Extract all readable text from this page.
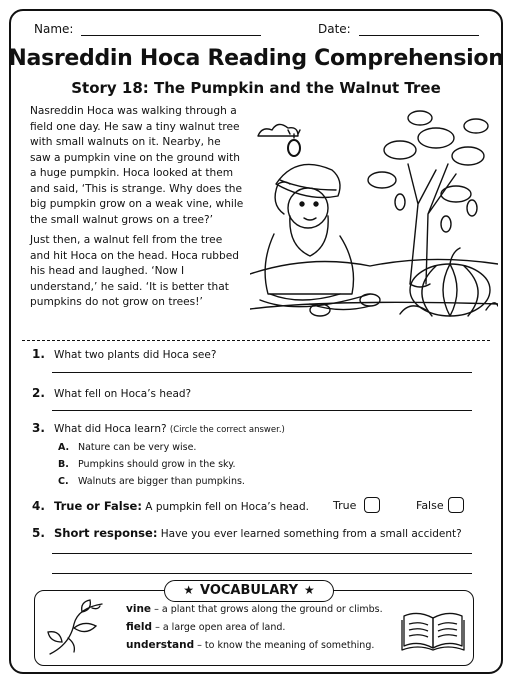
Name:	Date:
Nasreddin Hoca Reading Comprehension
Story 18: The Pumpkin and the Walnut Tree

Nasreddin Hoca was walking through a field one day. He saw a tiny walnut tree with small walnuts on it. Nearby, he saw a pumpkin vine on the ground with a huge pumpkin. Hoca looked at them and said, ‘This is strange. Why does the big pumpkin grow on a weak vine, while the small walnut grows on a tree?’

Just then, a walnut fell from the tree and hit Hoca on the head. Hoca rubbed his head and laughed. ‘Now I understand,’ he said. ‘It is better that pumpkins do not grow on trees!’

1. What two plants did Hoca see?
2. What fell on Hoca’s head?
3. What did Hoca learn? (Circle the correct answer.)
A. Nature can be very wise.
B. Pumpkins should grow in the sky.
C. Walnuts are bigger than pumpkins.
4. True or False: A pumpkin fell on Hoca’s head. True	False
5. Short response: Have you ever learned something from a small accident?
★ VOCABULARY ★
vine – a plant that grows along the ground or climbs.
field – a large open area of land.
understand – to know the meaning of something.
